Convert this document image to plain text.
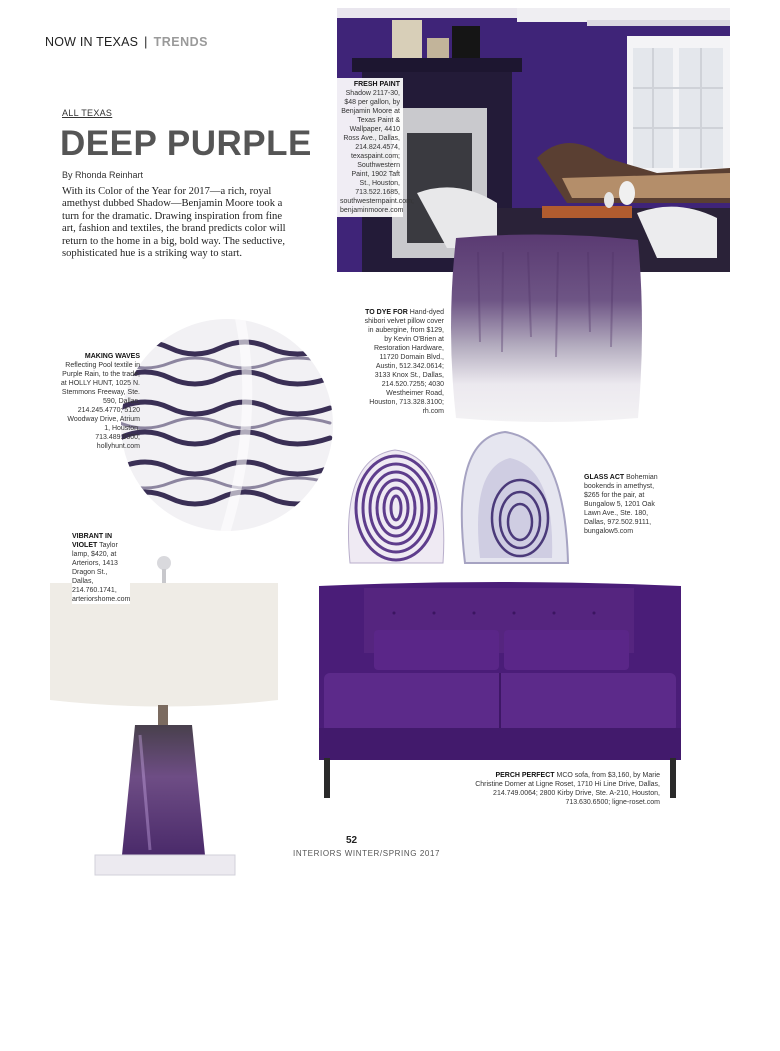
NOW IN TEXAS | TRENDS
ALL TEXAS
DEEP PURPLE
By Rhonda Reinhart
With its Color of the Year for 2017—a rich, royal amethyst dubbed Shadow—Benjamin Moore took a turn for the dramatic. Drawing inspiration from fine art, fashion and textiles, the brand predicts color will return to the home in a big, bold way. The seductive, sophisticated hue is a striking way to start.
FRESH PAINT Shadow 2117-30, $48 per gallon, by Benjamin Moore at Texas Paint & Wallpaper, 4410 Ross Ave., Dallas, 214.824.4574, texaspaint.com; Southwestern Paint, 1902 Taft St., Houston, 713.522.1685, southwesternpaint.com; benjaminmoore.com
TO DYE FOR Hand-dyed shibori velvet pillow cover in aubergine, from $129, by Kevin O'Brien at Restoration Hardware, 11720 Domain Blvd., Austin, 512.342.0614; 3133 Knox St., Dallas, 214.520.7255; 4030 Westheimer Road, Houston, 713.328.3100; rh.com
MAKING WAVES Reflecting Pool textile in Purple Rain, to the trade, at HOLLY HUNT, 1025 N. Stemmons Freeway, Ste. 590, Dallas, 214.245.4770; 5120 Woodway Drive, Atrium 1, Houston, 713.489.5300; hollyhunt.com
GLASS ACT Bohemian bookends in amethyst, $265 for the pair, at Bungalow 5, 1201 Oak Lawn Ave., Ste. 180, Dallas, 972.502.9111, bungalow5.com
VIBRANT IN VIOLET Taylor lamp, $420, at Arteriors, 1413 Dragon St., Dallas, 214.760.1741, arteriorshome.com
PERCH PERFECT MCO sofa, from $3,160, by Marie Christine Dorner at Ligne Roset, 1710 Hi Line Drive, Dallas, 214.749.0064; 2800 Kirby Drive, Ste. A-210, Houston, 713.630.6500; ligne-roset.com
52
INTERIORS WINTER/SPRING 2017
